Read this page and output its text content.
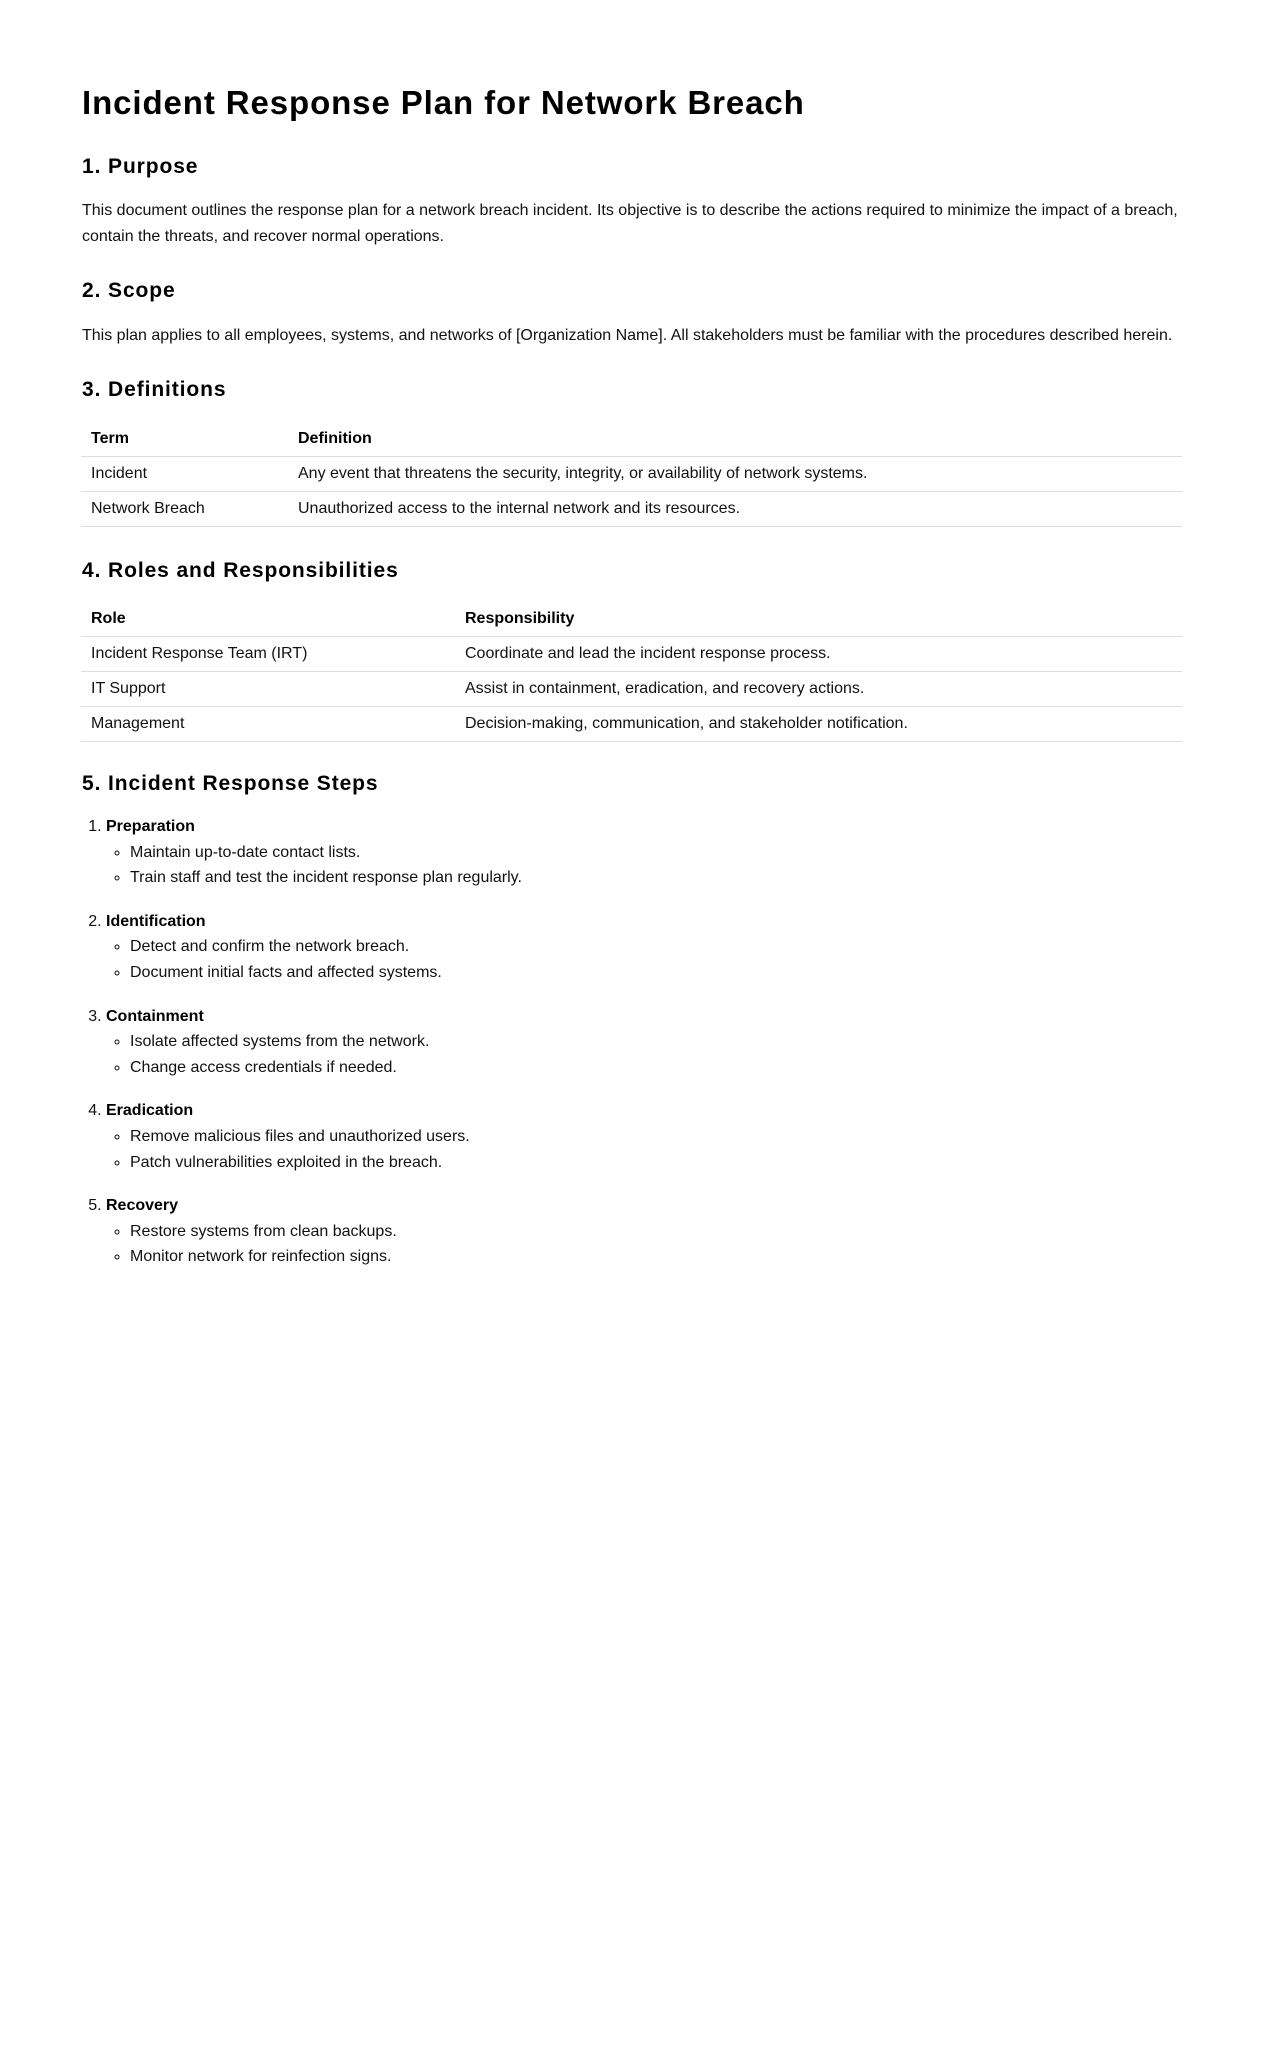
Incident Response Plan for Network Breach
1. Purpose

This document outlines the response plan for a network breach incident. Its objective is to describe the actions required to minimize the impact of a breach, contain the threats, and recover normal operations.

2. Scope

This plan applies to all employees, systems, and networks of [Organization Name]. All stakeholders must be familiar with the procedures described herein.

3. Definitions
Term	Definition
Incident	Any event that threatens the security, integrity, or availability of network systems.
Network Breach	Unauthorized access to the internal network and its resources.
4. Roles and Responsibilities
Role	Responsibility
Incident Response Team (IRT)	Coordinate and lead the incident response process.
IT Support	Assist in containment, eradication, and recovery actions.
Management	Decision-making, communication, and stakeholder notification.
5. Incident Response Steps
1. Preparation
◦ Maintain up-to-date contact lists.
◦ Train staff and test the incident response plan regularly.
2. Identification
◦ Detect and confirm the network breach.
◦ Document initial facts and affected systems.
3. Containment
◦ Isolate affected systems from the network.
◦ Change access credentials if needed.
4. Eradication
◦ Remove malicious files and unauthorized users.
◦ Patch vulnerabilities exploited in the breach.
5. Recovery
◦ Restore systems from clean backups.
◦ Monitor network for reinfection signs.
